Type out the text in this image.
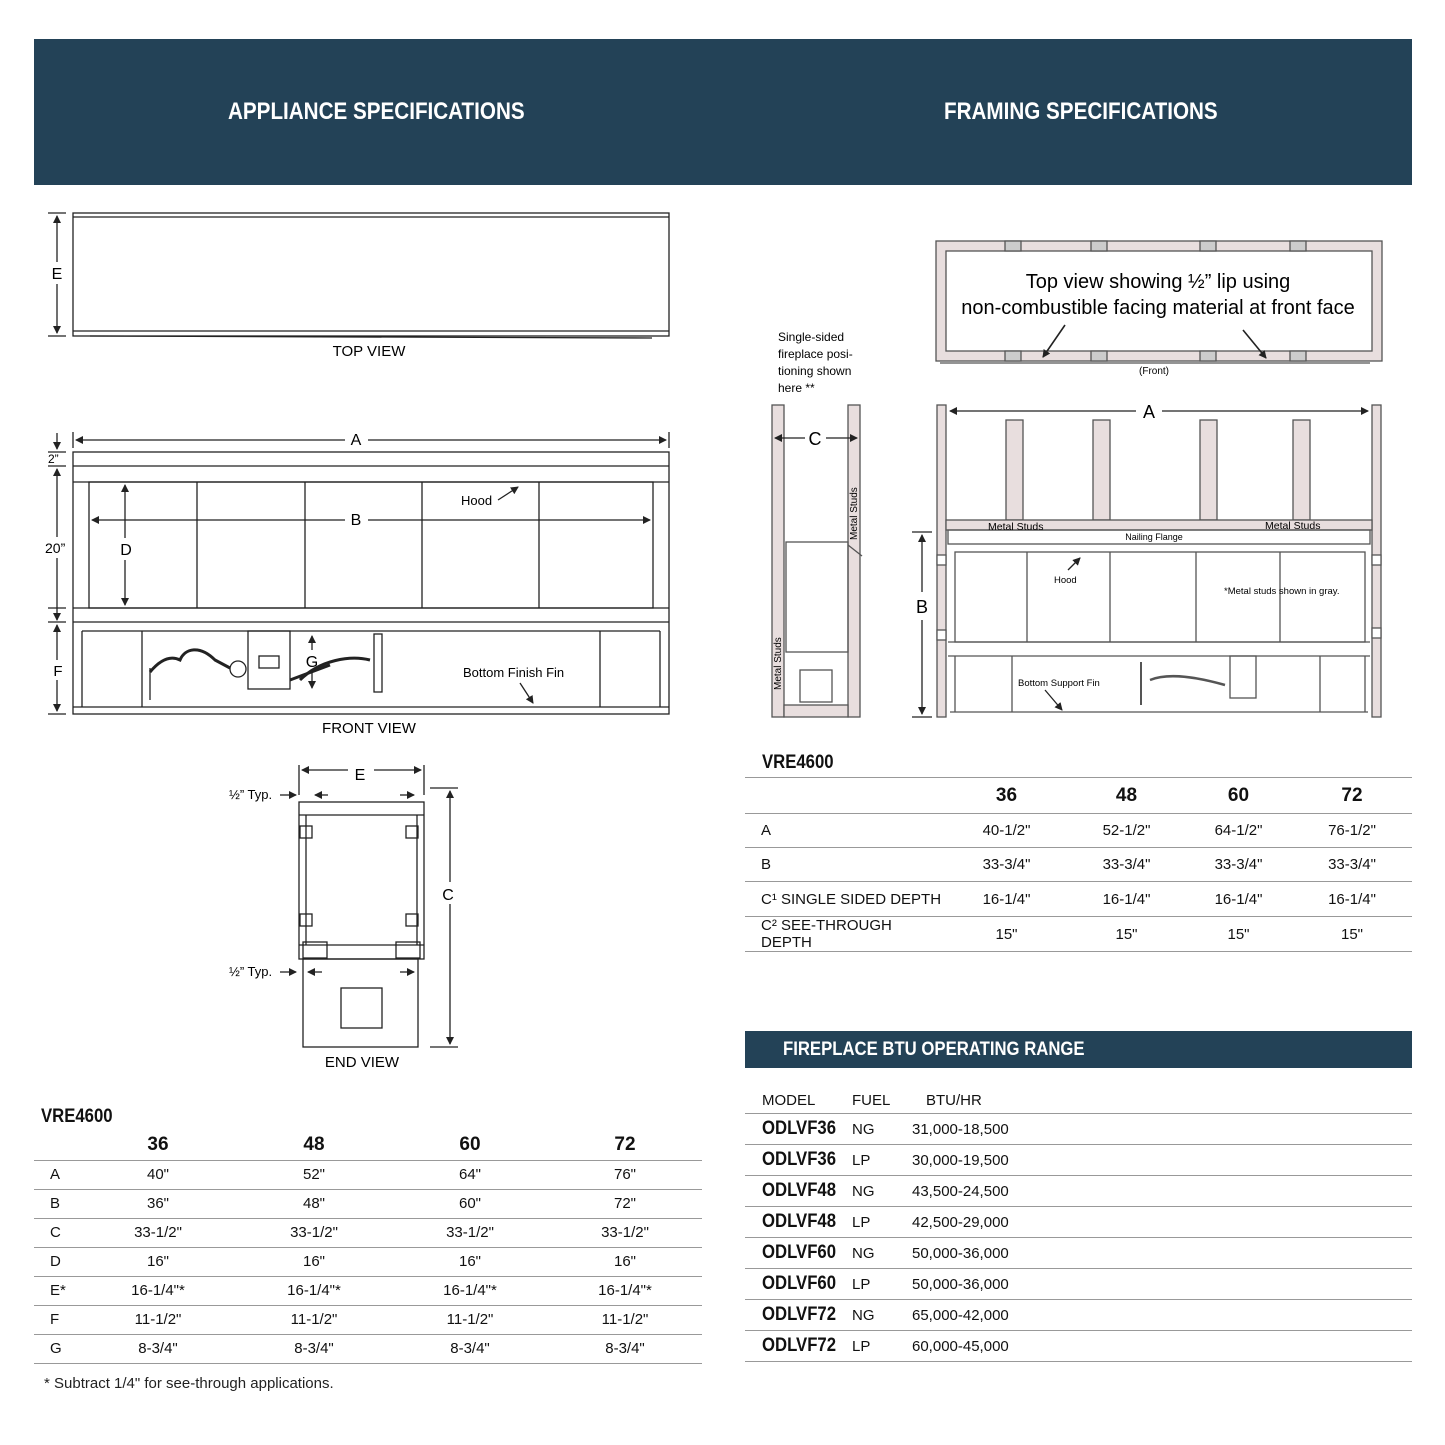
APPLIANCE SPECIFICATIONS	FRAMING SPECIFICATIONS
E
TOP VIEW
A
B
D
F
G
2”
20”
Hood
Bottom Finish Fin
FRONT VIEW
E
C
½” Typ.
½” Typ.
END VIEW
Top view showing ½” lip using
non-combustible facing material at front face
(Front)
C
Metal Studs
Metal Studs
Single-sided fireplace posi- tioning shown here **
A
B
Metal Studs	Metal Studs
Nailing Flange
Hood
*Metal studs shown in gray.
Bottom Support Fin
VRE4600
	36	48	60	72
A	40"	52"	64"	76"
B	36"	48"	60"	72"
C	33-1/2"	33-1/2"	33-1/2"	33-1/2"
D	16"	16"	16"	16"
E*	16-1/4"*	16-1/4"*	16-1/4"*	16-1/4"*
F	11-1/2"	11-1/2"	11-1/2"	11-1/2"
G	8-3/4"	8-3/4"	8-3/4"	8-3/4"
* Subtract 1/4" for see-through applications.
VRE4600
	36	48	60	72
A	40-1/2"	52-1/2"	64-1/2"	76-1/2"
B	33-3/4"	33-3/4"	33-3/4"	33-3/4"
C¹ SINGLE SIDED DEPTH	16-1/4"	16-1/4"	16-1/4"	16-1/4"
C² SEE-THROUGH DEPTH	15"	15"	15"	15"
FIREPLACE BTU OPERATING RANGE
MODEL	FUEL	BTU/HR
ODLVF36	NG	31,000-18,500
ODLVF36	LP	30,000-19,500
ODLVF48	NG	43,500-24,500
ODLVF48	LP	42,500-29,000
ODLVF60	NG	50,000-36,000
ODLVF60	LP	50,000-36,000
ODLVF72	NG	65,000-42,000
ODLVF72	LP	60,000-45,000
